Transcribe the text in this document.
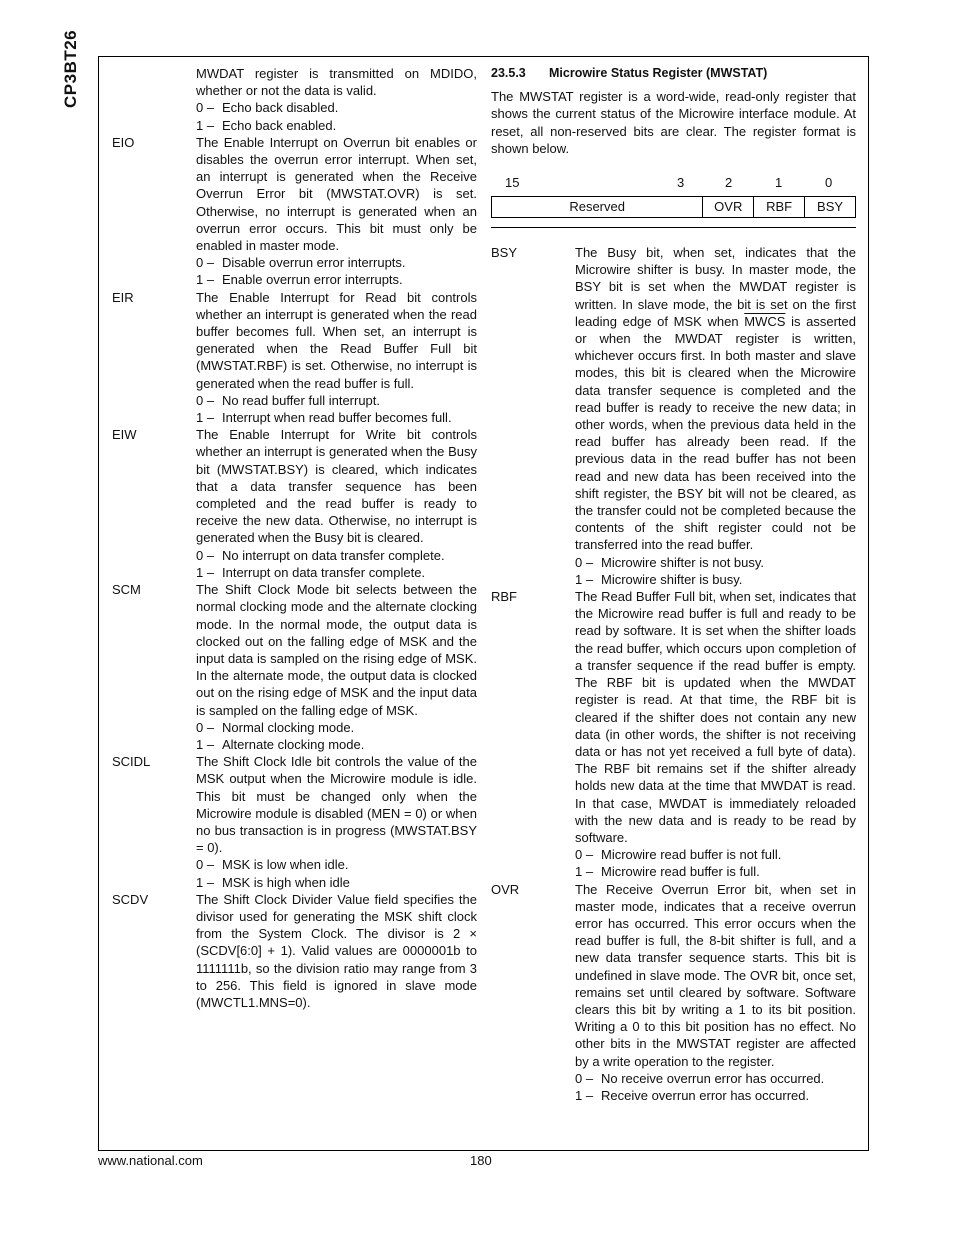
CP3BT26	MWDAT register is transmitted on MDIDO, whether or not the data is valid.

0 – Echo back disabled.
1 – Echo back enabled.
EIO	The Enable Interrupt on Overrun bit enables or disables the overrun error interrupt. When set, an interrupt is generated when the Receive Overrun Error bit (MWSTAT.OVR) is set. Otherwise, no interrupt is generated when an overrun error occurs. This bit must only be enabled in master mode.

0 – Disable overrun error interrupts.
1 – Enable overrun error interrupts.
EIR	The Enable Interrupt for Read bit controls whether an interrupt is generated when the read buffer becomes full. When set, an interrupt is generated when the Read Buffer Full bit (MWSTAT.RBF) is set. Otherwise, no interrupt is generated when the read buffer is full.

0 – No read buffer full interrupt.
1 – Interrupt when read buffer becomes full.
EIW	The Enable Interrupt for Write bit controls whether an interrupt is generated when the Busy bit (MWSTAT.BSY) is cleared, which indicates that a data transfer sequence has been completed and the read buffer is ready to receive the new data. Otherwise, no interrupt is generated when the Busy bit is cleared.

0 – No interrupt on data transfer complete.
1 – Interrupt on data transfer complete.
SCM	The Shift Clock Mode bit selects between the normal clocking mode and the alternate clocking mode. In the normal mode, the output data is clocked out on the falling edge of MSK and the input data is sampled on the rising edge of MSK. In the alternate mode, the output data is clocked out on the rising edge of MSK and the input data is sampled on the falling edge of MSK.

0 – Normal clocking mode.
1 – Alternate clocking mode.
SCIDL	The Shift Clock Idle bit controls the value of the MSK output when the Microwire module is idle. This bit must be changed only when the Microwire module is disabled (MEN = 0) or when no bus transaction is in progress (MWSTAT.BSY = 0).

0 – MSK is low when idle.
1 – MSK is high when idle
SCDV	The Shift Clock Divider Value field specifies the divisor used for generating the MSK shift clock from the System Clock. The divisor is 2 × (SCDV[6:0] + 1). Valid values are 0000001b to 1111111b, so the division ratio may range from 3 to 256. This field is ignored in slave mode (MWCTL1.MNS=0).

23.5.3 Microwire Status Register (MWSTAT)
The MWSTAT register is a word-wide, read-only register that shows the current status of the Microwire interface module. At reset, all non-reserved bits are clear. The register format is shown below.
15	3	2	1	0
Reserved	OVR	RBF	BSY
BSY	The Busy bit, when set, indicates that the Microwire shifter is busy. In master mode, the BSY bit is set when the MWDAT register is written. In slave mode, the bit is set on the first leading edge of MSK when MWCS is asserted or when the MWDAT register is written, whichever occurs first. In both master and slave modes, this bit is cleared when the Microwire data transfer sequence is completed and the read buffer is ready to receive the new data; in other words, when the previous data held in the read buffer has already been read. If the previous data in the read buffer has not been read and new data has been received into the shift register, the BSY bit will not be cleared, as the transfer could not be completed because the contents of the shift register could not be transferred into the read buffer.

0 – Microwire shifter is not busy.
1 – Microwire shifter is busy.
RBF	The Read Buffer Full bit, when set, indicates that the Microwire read buffer is full and ready to be read by software. It is set when the shifter loads the read buffer, which occurs upon completion of a transfer sequence if the read buffer is empty. The RBF bit is updated when the MWDAT register is read. At that time, the RBF bit is cleared if the shifter does not contain any new data (in other words, the shifter is not receiving data or has not yet received a full byte of data). The RBF bit remains set if the shifter already holds new data at the time that MWDAT is read. In that case, MWDAT is immediately reloaded with the new data and is ready to be read by software.

0 – Microwire read buffer is not full.
1 – Microwire read buffer is full.
OVR	The Receive Overrun Error bit, when set in master mode, indicates that a receive overrun error has occurred. This error occurs when the read buffer is full, the 8-bit shifter is full, and a new data transfer sequence starts. This bit is undefined in slave mode. The OVR bit, once set, remains set until cleared by software. Software clears this bit by writing a 1 to its bit position. Writing a 0 to this bit position has no effect. No other bits in the MWSTAT register are affected by a write operation to the register.

0 – No receive overrun error has occurred.
1 – Receive overrun error has occurred.
www.national.com	180
